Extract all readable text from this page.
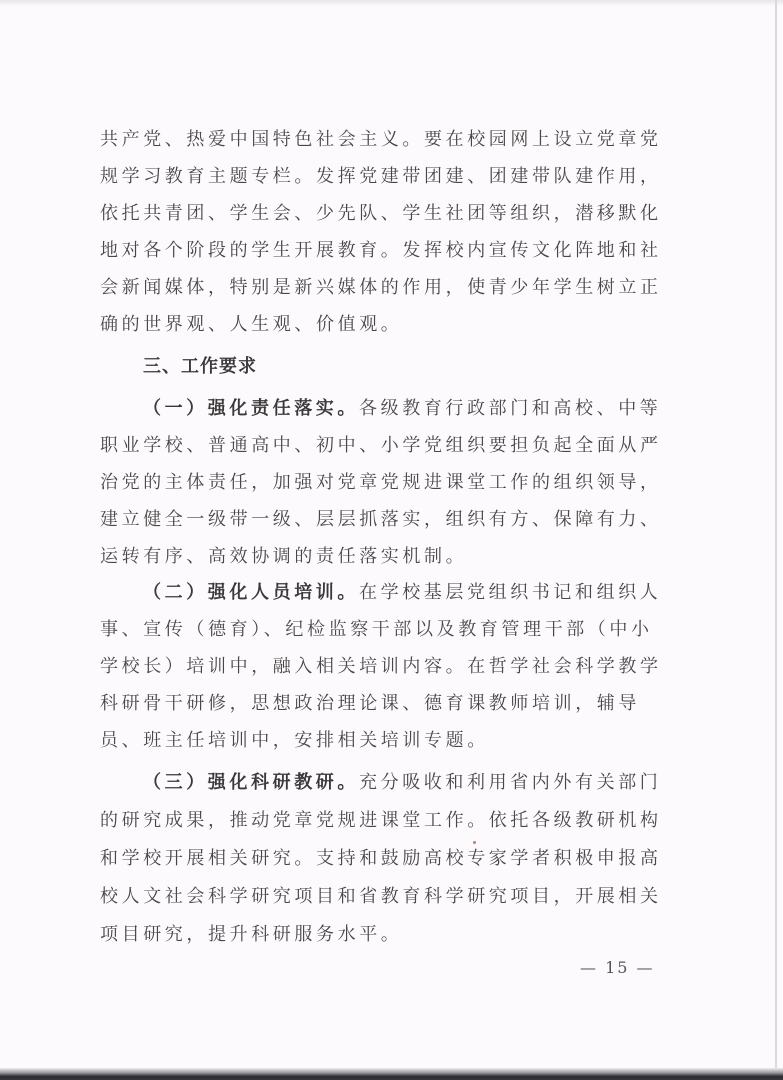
共产党、热爱中国特色社会主义。要在校园网上设立党章党
规学习教育主题专栏。发挥党建带团建、团建带队建作用，
依托共青团、学生会、少先队、学生社团等组织，潜移默化
地对各个阶段的学生开展教育。发挥校内宣传文化阵地和社
会新闻媒体，特别是新兴媒体的作用，使青少年学生树立正
确的世界观、人生观、价值观。
三、工作要求
（一）强化责任落实。各级教育行政部门和高校、中等
职业学校、普通高中、初中、小学党组织要担负起全面从严
治党的主体责任，加强对党章党规进课堂工作的组织领导，
建立健全一级带一级、层层抓落实，组织有方、保障有力、
运转有序、高效协调的责任落实机制。
（二）强化人员培训。在学校基层党组织书记和组织人
事、宣传（德育）、纪检监察干部以及教育管理干部（中小
学校长）培训中，融入相关培训内容。在哲学社会科学教学
科研骨干研修，思想政治理论课、德育课教师培训，辅导
员、班主任培训中，安排相关培训专题。
（三）强化科研教研。充分吸收和利用省内外有关部门
的研究成果，推动党章党规进课堂工作。依托各级教研机构
和学校开展相关研究。支持和鼓励高校专家学者积极申报高
校人文社会科学研究项目和省教育科学研究项目，开展相关
项目研究，提升科研服务水平。
— 15 —
